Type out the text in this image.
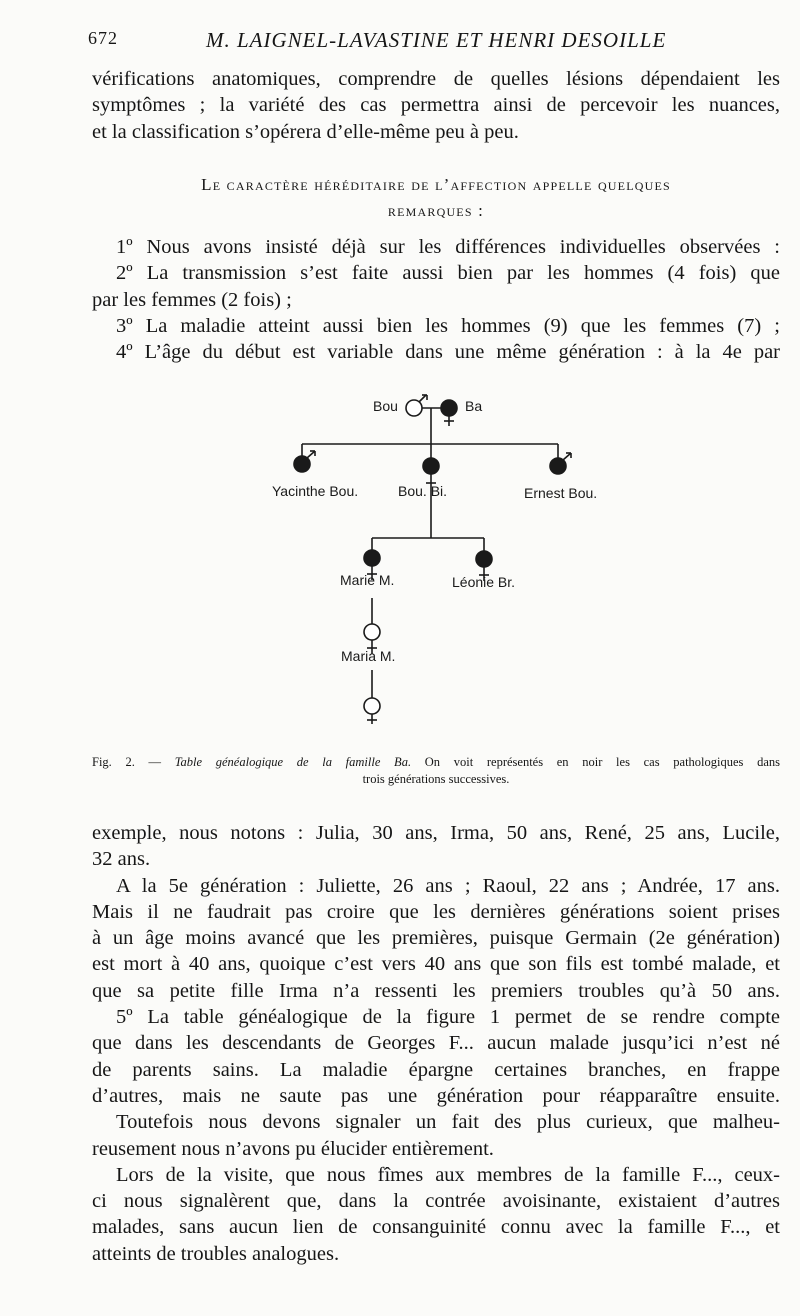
672	M. LAIGNEL-LAVASTINE ET HENRI DESOILLE
vérifications anatomiques, comprendre de quelles lésions dépendaient les
symptômes ; la variété des cas permettra ainsi de percevoir les nuances,
et la classification s’opérera d’elle-même peu à peu.
Le caractère héréditaire de l’affection appelle quelques
remarques :
1º Nous avons insisté déjà sur les différences individuelles observées :
2º La transmission s’est faite aussi bien par les hommes (4 fois) que
par les femmes (2 fois) ;
3º La maladie atteint aussi bien les hommes (9) que les femmes (7) ;
4º L’âge du début est variable dans une même génération : à la 4e par
Bou	Ba
Yacinthe Bou.	Bou. Bi.	Ernest Bou.
Marie M.	Léonie Br.
Maria M.
Fig. 2. — Table généalogique de la famille Ba. On voit représentés en noir les cas pathologiques dans
trois générations successives.
exemple, nous notons : Julia, 30 ans, Irma, 50 ans, René, 25 ans, Lucile,
32 ans.
A la 5e génération : Juliette, 26 ans ; Raoul, 22 ans ; Andrée, 17 ans.
Mais il ne faudrait pas croire que les dernières générations soient prises
à un âge moins avancé que les premières, puisque Germain (2e génération)
est mort à 40 ans, quoique c’est vers 40 ans que son fils est tombé malade, et
que sa petite fille Irma n’a ressenti les premiers troubles qu’à 50 ans.
5º La table généalogique de la figure 1 permet de se rendre compte
que dans les descendants de Georges F... aucun malade jusqu’ici n’est né
de parents sains. La maladie épargne certaines branches, en frappe
d’autres, mais ne saute pas une génération pour réapparaître ensuite.
Toutefois nous devons signaler un fait des plus curieux, que malheu-
reusement nous n’avons pu élucider entièrement.
Lors de la visite, que nous fîmes aux membres de la famille F..., ceux-
ci nous signalèrent que, dans la contrée avoisinante, existaient d’autres
malades, sans aucun lien de consanguinité connu avec la famille F..., et
atteints de troubles analogues.
